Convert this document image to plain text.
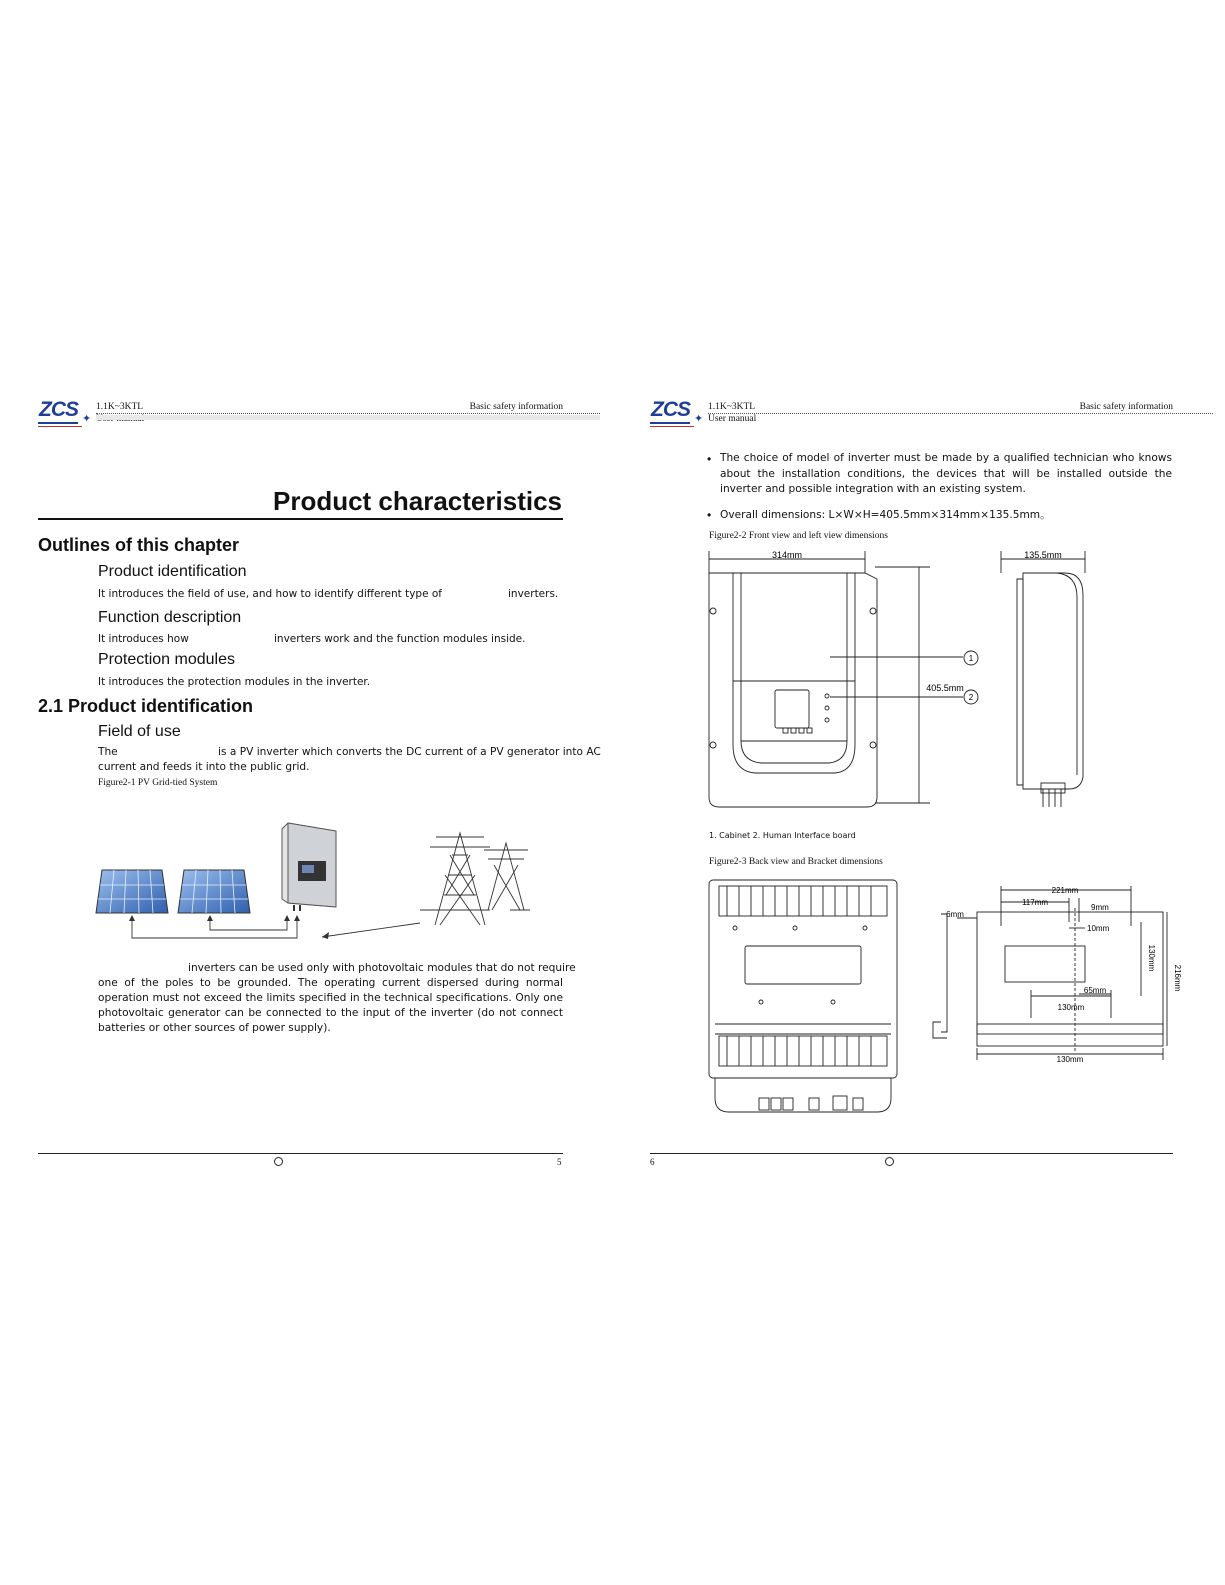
ZCS ✦
1.1K~3KTL	Basic safety information
Product characteristics
Outlines of this chapter
Product identification
It introduces the field of use, and how to identify different type of	inverters.
Function description
It introduces how	inverters work and the function modules inside.
Protection modules
It introduces the protection modules in the inverter.
2.1 Product identification
Field of use
The	is a PV inverter which converts the DC current of a PV generator into AC
current and feeds it into the public grid.
Figure2-1 PV Grid-tied System
inverters can be used only with photovoltaic modules that do not require
one of the poles to be grounded. The operating current dispersed during normal operation must not exceed the limits specified in the technical specifications. Only one photovoltaic generator can be connected to the input of the inverter (do not connect batteries or other sources of power supply).
5
ZCS ✦
1.1K~3KTL
User manual
Basic safety information
• The choice of model of inverter must be made by a qualified technician who knows about the installation conditions, the devices that will be installed outside the inverter and possible integration with an existing system.
• Overall dimensions: L×W×H=405.5mm×314mm×135.5mm。
Figure2-2 Front view and left view dimensions
314mm	135.5mm
405.5mm
1
2
1. Cabinet 2. Human Interface board
Figure2-3 Back view and Bracket dimensions
221mm
117mm
9mm
6mm
10mm
130mm
216mm
65mm
130mm
130mm
6
